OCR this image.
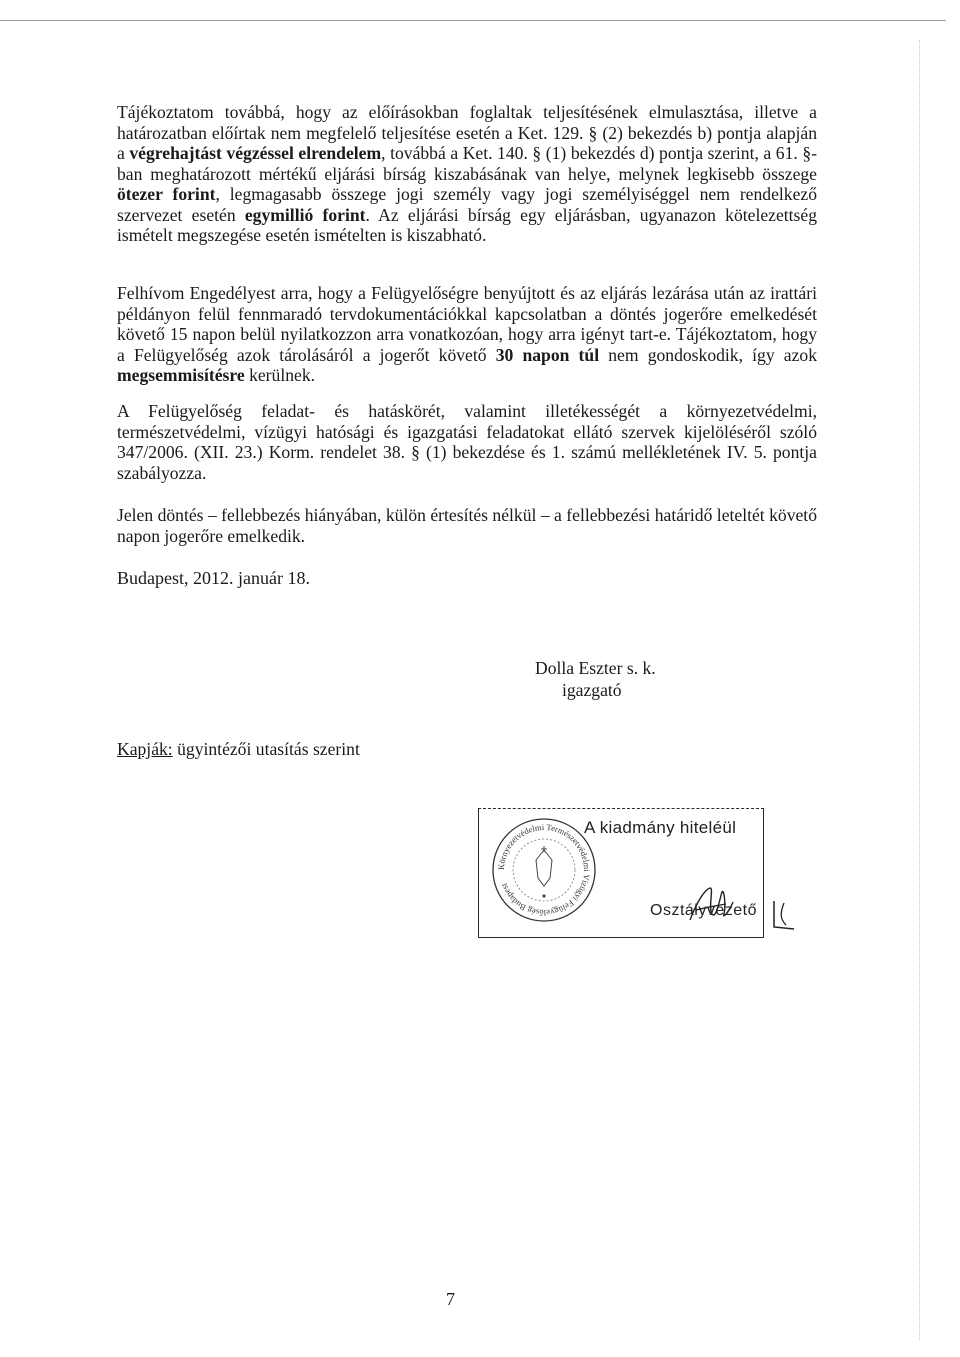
Tájékoztatom továbbá, hogy az előírásokban foglaltak teljesítésének elmulasztása, illetve a határozatban előírtak nem megfelelő teljesítése esetén a Ket. 129. § (2) bekezdés b) pontja alapján a végrehajtást végzéssel elrendelem, továbbá a Ket. 140. § (1) bekezdés d) pontja szerint, a 61. §-ban meghatározott mértékű eljárási bírság kiszabásának van helye, melynek legkisebb összege ötezer forint, legmagasabb összege jogi személy vagy jogi személyiséggel nem rendelkező szervezet esetén egymillió forint. Az eljárási bírság egy eljárásban, ugyanazon kötelezettség ismételt megszegése esetén ismételten is kiszabható.

Felhívom Engedélyest arra, hogy a Felügyelőségre benyújtott és az eljárás lezárása után az irattári példányon felül fennmaradó tervdokumentációkkal kapcsolatban a döntés jogerőre emelkedését követő 15 napon belül nyilatkozzon arra vonatkozóan, hogy arra igényt tart-e. Tájékoztatom, hogy a Felügyelőség azok tárolásáról a jogerőt követő 30 napon túl nem gondoskodik, így azok megsemmisítésre kerülnek.

A Felügyelőség feladat- és hatáskörét, valamint illetékességét a környezetvédelmi, természetvédelmi, vízügyi hatósági és igazgatási feladatokat ellátó szervek kijelöléséről szóló 347/2006. (XII. 23.) Korm. rendelet 38. § (1) bekezdése és 1. számú mellékletének IV. 5. pontja szabályozza.

Jelen döntés – fellebbezés hiányában, külön értesítés nélkül – a fellebbezési határidő leteltét követő napon jogerőre emelkedik.

Budapest, 2012. január 18.
Dolla Eszter s. k.
igazgató
Kapják: ügyintézői utasítás szerint
Környezetvédelmi Természetvédelmi Vízügyi Felügyelőség Budapest
A kiadmány hiteléül
Osztályvezető
7
